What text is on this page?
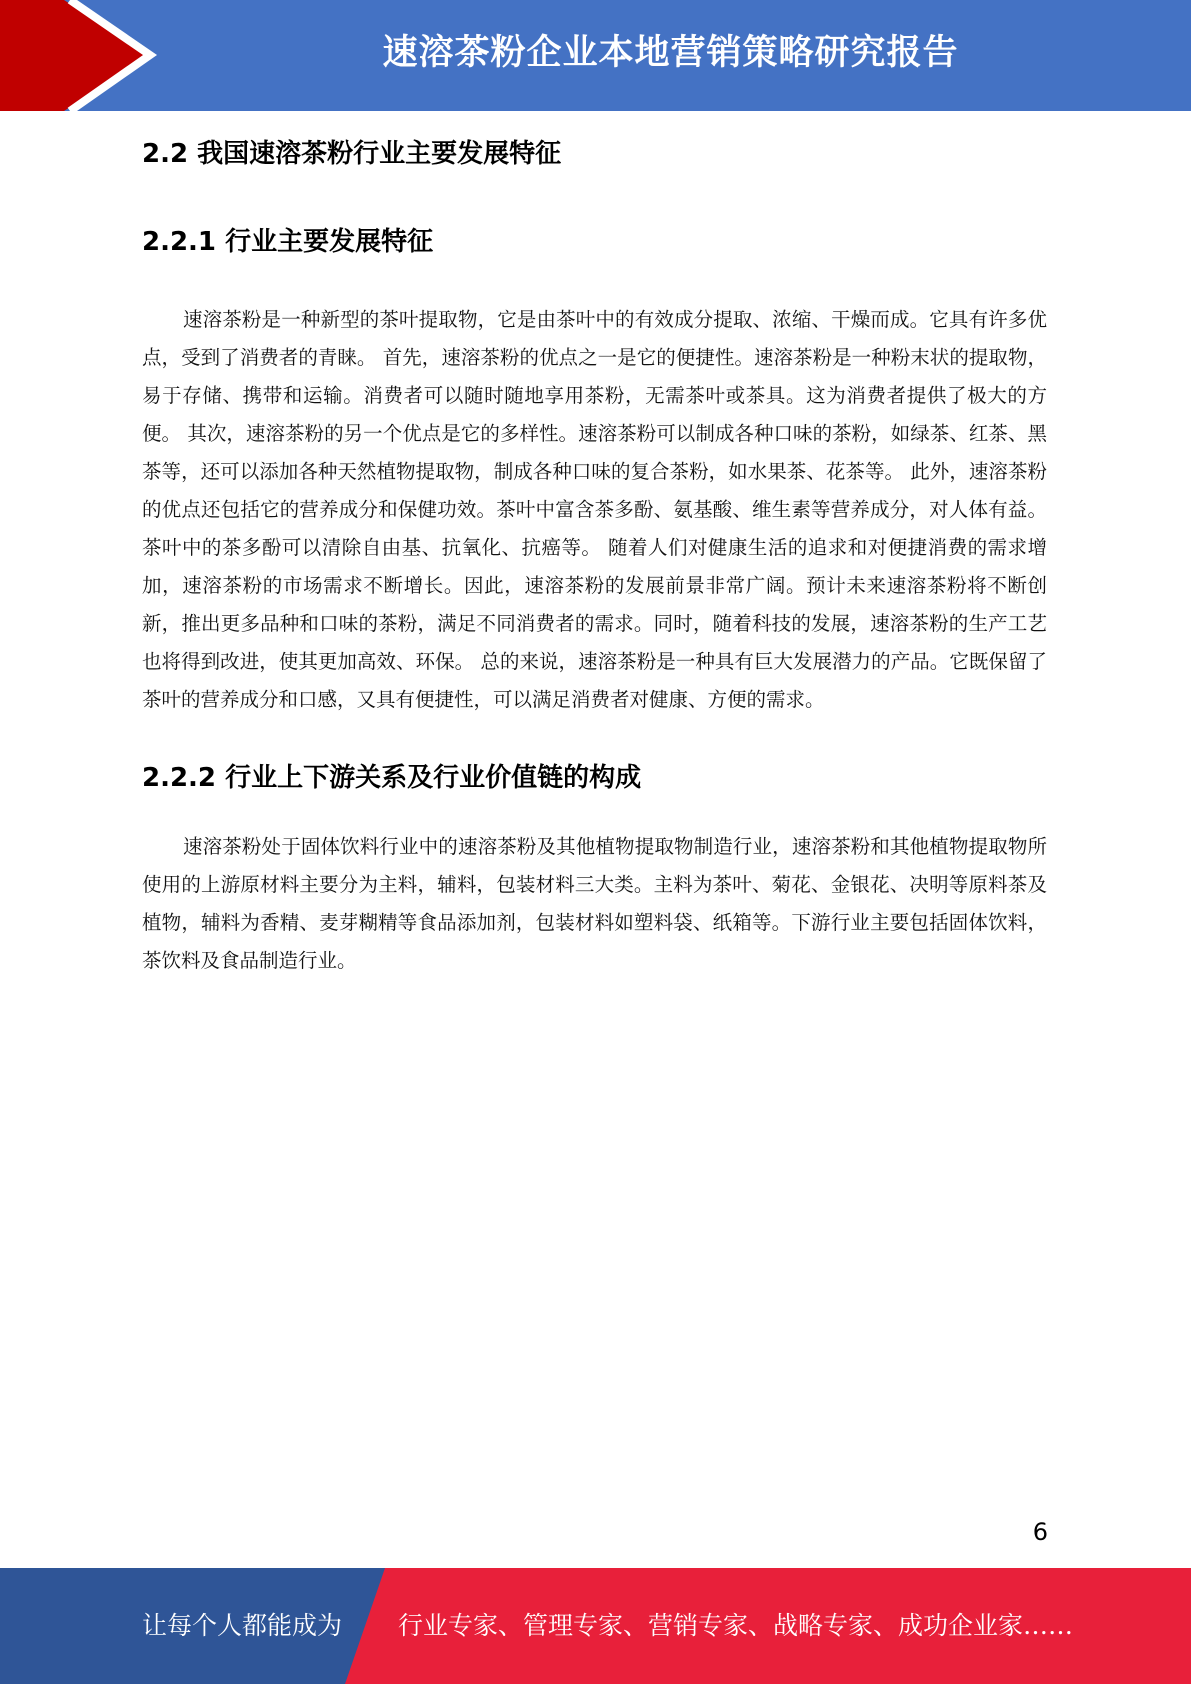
速溶茶粉企业本地营销策略研究报告
2.2 我国速溶茶粉行业主要发展特征
2.2.1 行业主要发展特征

速溶茶粉是一种新型的茶叶提取物，它是由茶叶中的有效成分提取、浓缩、干燥而成。它具有许多优点，受到了消费者的青睐。 首先，速溶茶粉的优点之一是它的便捷性。速溶茶粉是一种粉末状的提取物，易于存储、携带和运输。消费者可以随时随地享用茶粉，无需茶叶或茶具。这为消费者提供了极大的方便。 其次，速溶茶粉的另一个优点是它的多样性。速溶茶粉可以制成各种口味的茶粉，如绿茶、红茶、黑茶等，还可以添加各种天然植物提取物，制成各种口味的复合茶粉，如水果茶、花茶等。 此外，速溶茶粉的优点还包括它的营养成分和保健功效。茶叶中富含茶多酚、氨基酸、维生素等营养成分，对人体有益。茶叶中的茶多酚可以清除自由基、抗氧化、抗癌等。 随着人们对健康生活的追求和对便捷消费的需求增加，速溶茶粉的市场需求不断增长。因此，速溶茶粉的发展前景非常广阔。预计未来速溶茶粉将不断创新，推出更多品种和口味的茶粉，满足不同消费者的需求。同时，随着科技的发展，速溶茶粉的生产工艺也将得到改进，使其更加高效、环保。 总的来说，速溶茶粉是一种具有巨大发展潜力的产品。它既保留了茶叶的营养成分和口感，又具有便捷性，可以满足消费者对健康、方便的需求。

2.2.2 行业上下游关系及行业价值链的构成

速溶茶粉处于固体饮料行业中的速溶茶粉及其他植物提取物制造行业，速溶茶粉和其他植物提取物所使用的上游原材料主要分为主料，辅料，包装材料三大类。主料为茶叶、菊花、金银花、决明等原料茶及植物，辅料为香精、麦芽糊精等食品添加剂，包装材料如塑料袋、纸箱等。下游行业主要包括固体饮料，茶饮料及食品制造行业。

6
让每个人都能成为 行业专家、管理专家、营销专家、战略专家、成功企业家……
